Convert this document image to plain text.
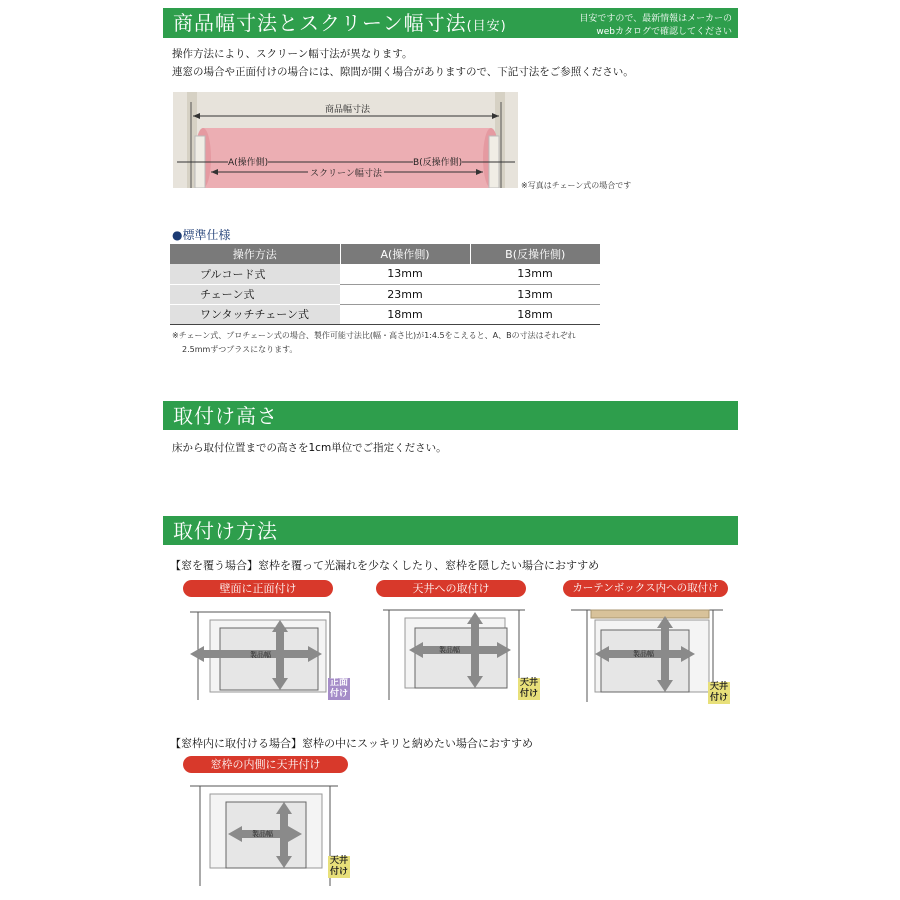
商品幅寸法とスクリーン幅寸法(目安)	目安ですので、最新情報はメーカーの
webカタログで確認してください
操作方法により、スクリーン幅寸法が異なります。
連窓の場合や正面付けの場合には、隙間が開く場合がありますので、下記寸法をご参照ください。
商品幅寸法
A(操作側)	B(反操作側)
スクリーン幅寸法
※写真はチェーン式の場合です
●標準仕様
操作方法	A(操作側)	B(反操作側)
プルコード式	13mm	13mm
チェーン式	23mm	13mm
ワンタッチチェーン式	18mm	18mm
※チェーン式、プロチェーン式の場合、製作可能寸法比(幅・高さ比)が1:4.5をこえると、A、Bの寸法はそれぞれ
2.5mmずつプラスになります。
取付け高さ
床から取付位置までの高さを1cm単位でご指定ください。
取付け方法
【窓を覆う場合】窓枠を覆って光漏れを少なくしたり、窓枠を隠したい場合におすすめ
壁面に正面付け
製品幅
正面
付け
天井への取付け
製品幅
天井
付け
カーテンボックス内への取付け
製品幅
天井
付け
【窓枠内に取付ける場合】窓枠の中にスッキリと納めたい場合におすすめ
窓枠の内側に天井付け
製品幅
天井
付け
